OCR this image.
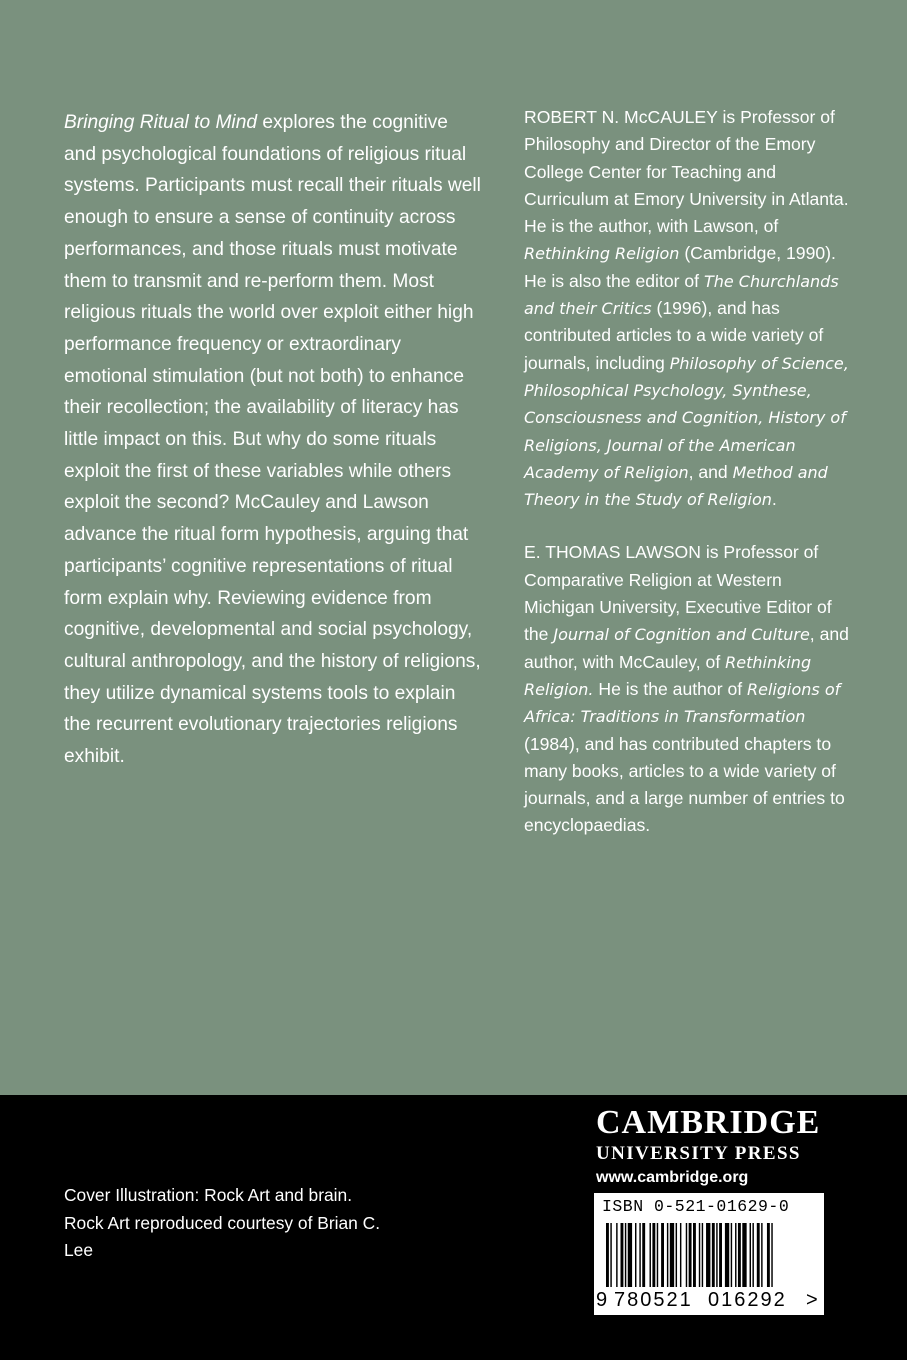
Bringing Ritual to Mind explores the cognitive and psychological foundations of religious ritual systems. Participants must recall their rituals well enough to ensure a sense of continuity across performances, and those rituals must motivate them to transmit and re-perform them. Most religious rituals the world over exploit either high performance frequency or extraordinary emotional stimulation (but not both) to enhance their recollection; the availability of literacy has little impact on this. But why do some rituals exploit the first of these variables while others exploit the second? McCauley and Lawson advance the ritual form hypothesis, arguing that participants’ cognitive representations of ritual form explain why. Reviewing evidence from cognitive, developmental and social psychology, cultural anthropology, and the history of religions, they utilize dynamical systems tools to explain the recurrent evolutionary trajectories religions exhibit.

ROBERT N. McCAULEY is Professor of Philosophy and Director of the Emory College Center for Teaching and Curriculum at Emory University in Atlanta. He is the author, with Lawson, of Rethinking Religion (Cambridge, 1990). He is also the editor of The Churchlands and their Critics (1996), and has contributed articles to a wide variety of journals, including Philosophy of Science, Philosophical Psychology, Synthese, Consciousness and Cognition, History of Religions, Journal of the American Academy of Religion, and Method and Theory in the Study of Religion.

E. THOMAS LAWSON is Professor of Comparative Religion at Western Michigan University, Executive Editor of the Journal of Cognition and Culture, and author, with McCauley, of Rethinking Religion. He is the author of Religions of Africa: Traditions in Transformation (1984), and has contributed chapters to many books, articles to a wide variety of journals, and a large number of entries to encyclopaedias.

Cover Illustration: Rock Art and brain. Rock Art reproduced courtesy of Brian C. Lee

CAMBRIDGE
UNIVERSITY PRESS
www.cambridge.org
ISBN 0-521-01629-0
9 780521 016292 >
